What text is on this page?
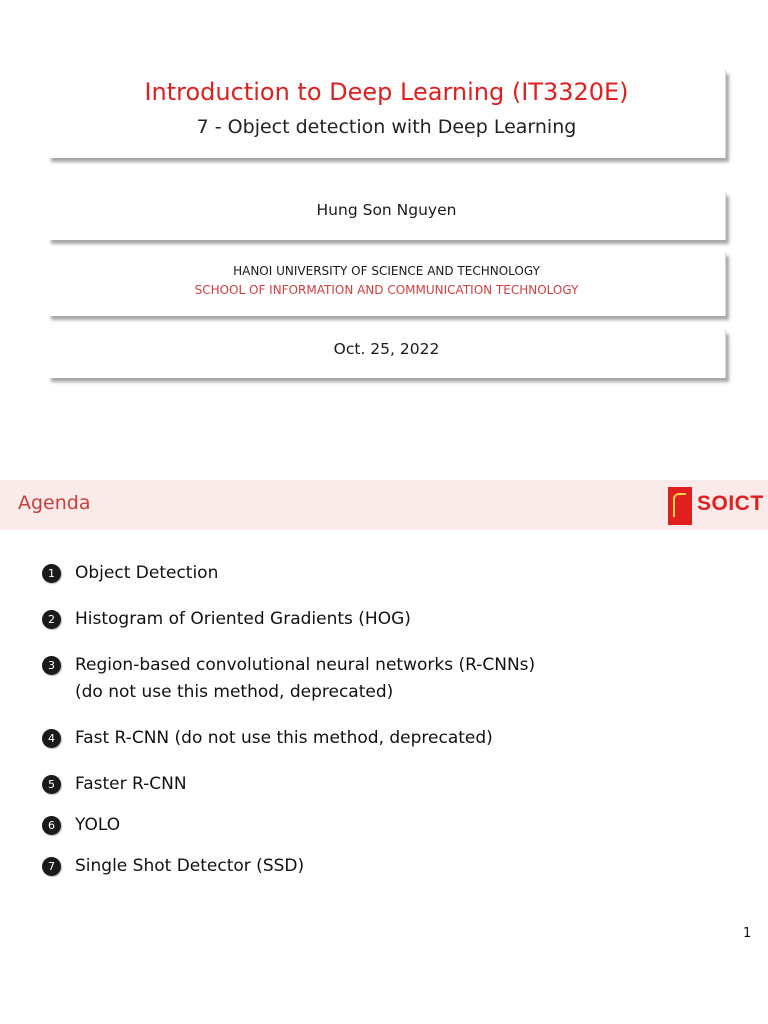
Introduction to Deep Learning (IT3320E)
7 - Object detection with Deep Learning
Hung Son Nguyen
HANOI UNIVERSITY OF SCIENCE AND TECHNOLOGY
SCHOOL OF INFORMATION AND COMMUNICATION TECHNOLOGY
Oct. 25, 2022
Agenda	SOICT
1	Object Detection
2	Histogram of Oriented Gradients (HOG)
3	Region-based convolutional neural networks (R-CNNs)
(do not use this method, deprecated)
4	Fast R-CNN (do not use this method, deprecated)
5	Faster R-CNN
6	YOLO
7	Single Shot Detector (SSD)
1
